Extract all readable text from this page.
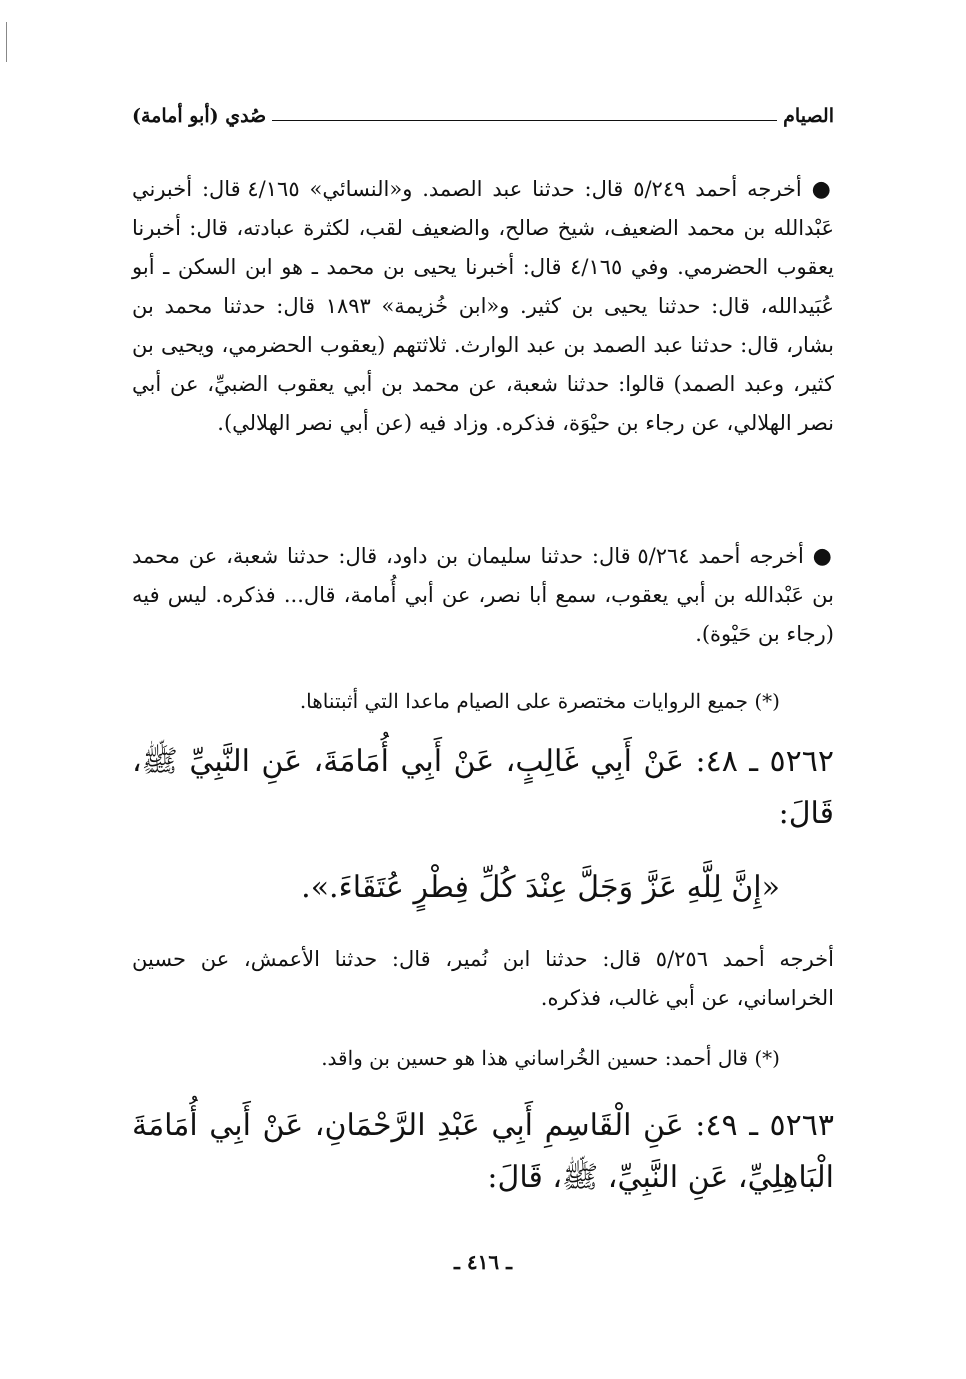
الصيام
صُدي (أبو أمامة)

● أخرجه أحمد ٥/٢٤٩ قال: حدثنا عبد الصمد. و«النسائي» ٤/١٦٥ قال: أخبرني عَبْدالله بن محمد الضعيف، شيخ صالح، والضعيف لقب، لكثرة عبادته، قال: أخبرنا يعقوب الحضرمي. وفي ٤/١٦٥ قال: أخبرنا يحيى بن محمد ـ هو ابن السكن ـ أبو عُبَيدالله، قال: حدثنا يحيى بن كثير. و«ابن خُزيمة» ١٨٩٣ قال: حدثنا محمد بن بشار، قال: حدثنا عبد الصمد بن عبد الوارث. ثلاثتهم (يعقوب الحضرمي، ويحيى بن كثير، وعبد الصمد) قالوا: حدثنا شعبة، عن محمد بن أبي يعقوب الضبيِّ، عن أبي نصر الهلالي، عن رجاء بن حيْوَة، فذكره. وزاد فيه (عن أبي نصر الهلالي).

● أخرجه أحمد ٥/٢٦٤ قال: حدثنا سليمان بن داود، قال: حدثنا شعبة، عن محمد بن عَبْدالله بن أبي يعقوب، سمع أبا نصر، عن أبي أُمامة، قال... فذكره. ليس فيه (رجاء بن حَيْوة).

(*) جميع الروايات مختصرة على الصيام ماعدا التي أثبتناها.

٥٢٦٢ ـ ٤٨: عَنْ أَبِي غَالِبٍ، عَنْ أَبِي أُمَامَةَ، عَنِ النَّبِيِّ ﷺ، قَالَ:

«إِنَّ لِلَّهِ عَزَّ وَجَلَّ عِنْدَ كُلِّ فِطْرٍ عُتَقَاءَ.».

أخرجه أحمد ٥/٢٥٦ قال: حدثنا ابن نُمير، قال: حدثنا الأعمش، عن حسين الخراساني، عن أبي غالب، فذكره.

(*) قال أحمد: حسين الخُراساني هذا هو حسين بن واقد.

٥٢٦٣ ـ ٤٩: عَنِ الْقَاسِمِ أَبِي عَبْدِ الرَّحْمَانِ، عَنْ أَبِي أُمَامَةَ الْبَاهِلِيِّ، عَنِ النَّبِيِّ، ﷺ، قَالَ:

ـ ٤١٦ ـ
